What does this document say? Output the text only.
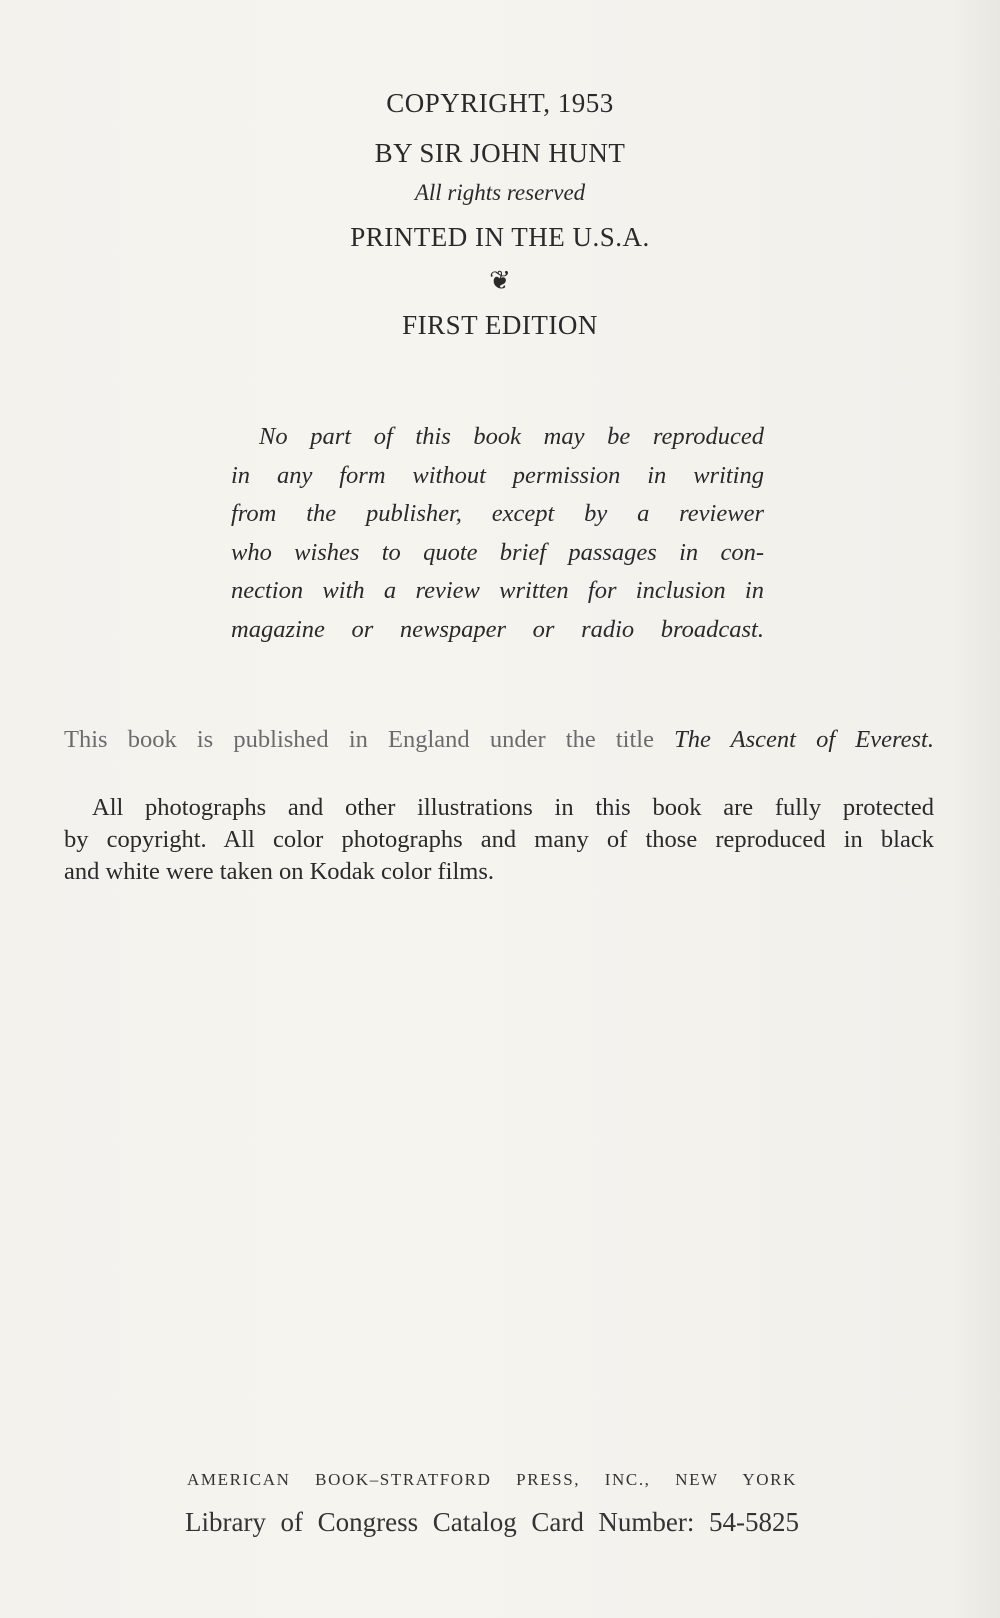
COPYRIGHT, 1953
BY SIR JOHN HUNT
All rights reserved
PRINTED IN THE U.S.A.
❦
FIRST EDITION
No part of this book may be reproduced
in any form without permission in writing
from the publisher, except by a reviewer
who wishes to quote brief passages in con-
nection with a review written for inclusion in
magazine or newspaper or radio broadcast.
This book is published in England under the title The Ascent of Everest.
All photographs and other illustrations in this book are fully protected
by copyright. All color photographs and many of those reproduced in black
and white were taken on Kodak color films.
AMERICAN BOOK–STRATFORD PRESS, INC., NEW YORK
Library of Congress Catalog Card Number: 54-5825
